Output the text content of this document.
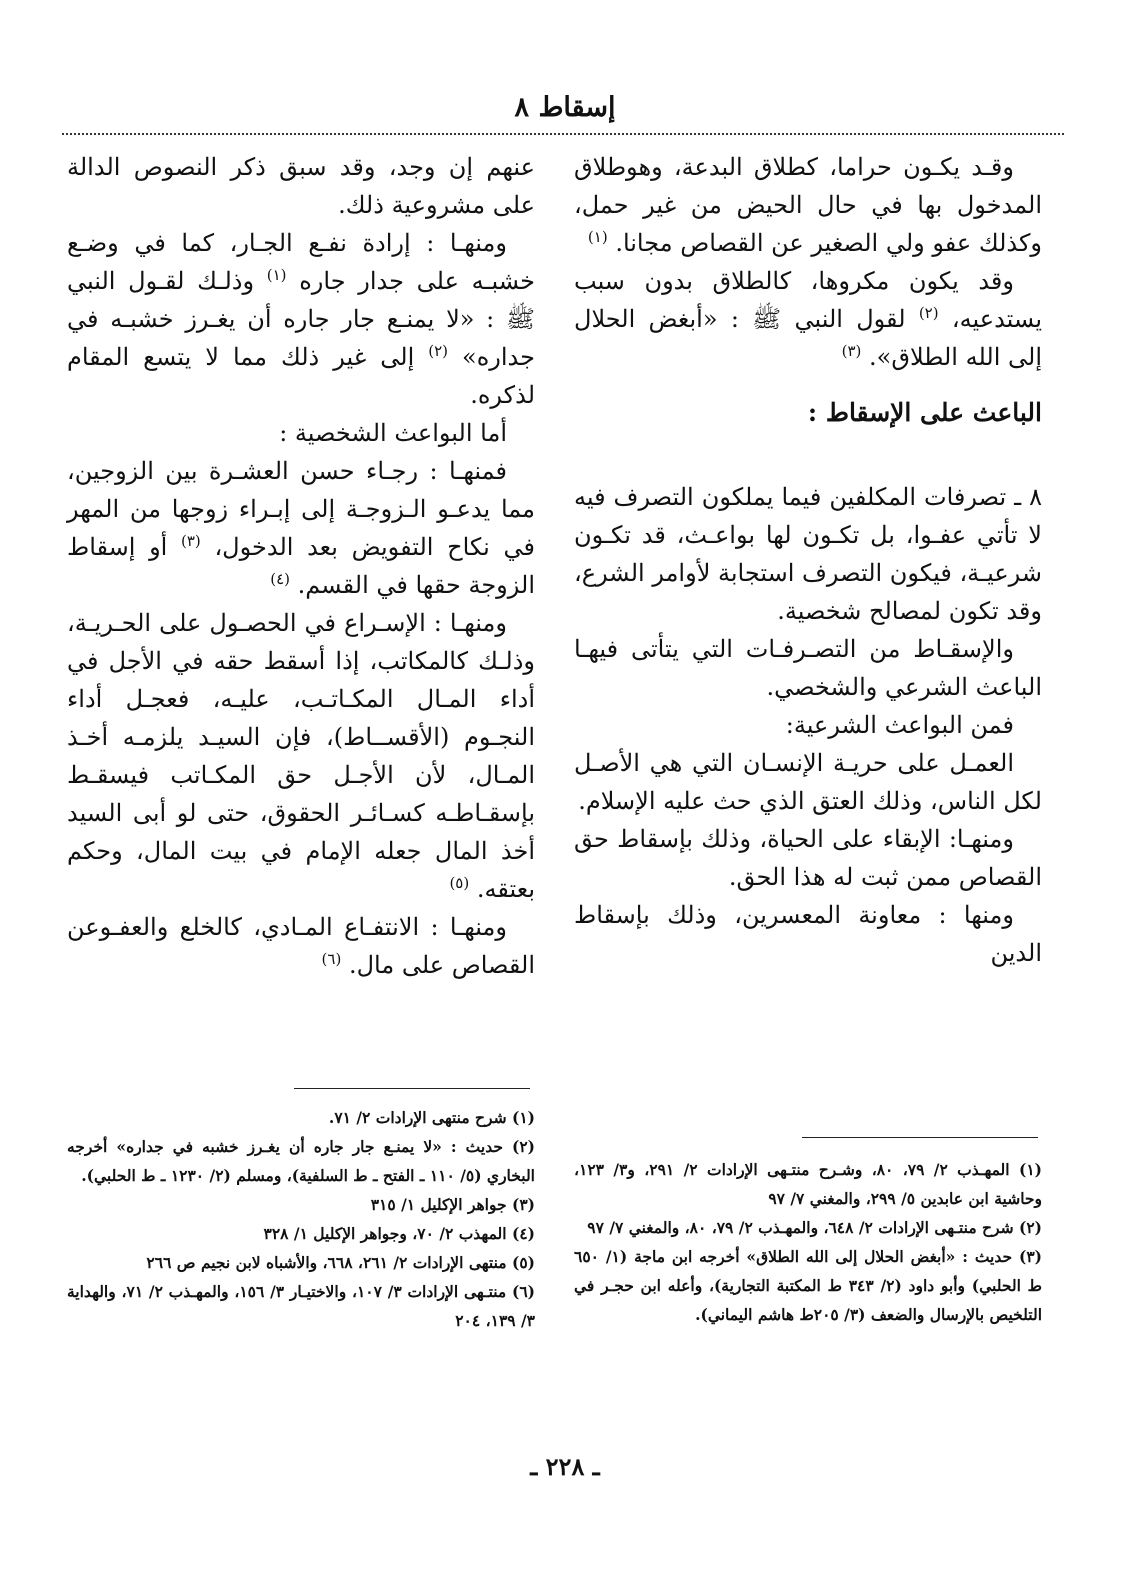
إسقاط ٨

وقـد يكـون حراما، كطلاق البدعة، وهوطلاق المدخول بها في حال الحيض من غير حمل، وكذلك عفو ولي الصغير عن القصاص مجانا. $^{(١)}$

وقد يكون مكروها، كالطلاق بدون سبب يستدعيه، $^{(٢)}$ لقول النبي ﷺ : «أبغض الحلال إلى الله الطلاق». $^{(٣)}$

الباعث على الإسقاط :

٨ ـ تصرفات المكلفين فيما يملكون التصرف فيه لا تأتي عفـوا، بل تكـون لها بواعـث، قد تكـون شرعيـة، فيكون التصرف استجابة لأوامر الشرع، وقد تكون لمصالح شخصية.

والإسقـاط من التصـرفـات التي يتأتى فيهـا الباعث الشرعي والشخصي.

فمن البواعث الشرعية:

العمـل على حريـة الإنسـان التي هي الأصـل لكل الناس، وذلك العتق الذي حث عليه الإسلام.

ومنهـا: الإبقاء على الحياة، وذلك بإسقاط حق القصاص ممن ثبت له هذا الحق.

ومنها : معاونة المعسرين، وذلك بإسقاط الدين

عنهم إن وجد، وقد سبق ذكر النصوص الدالة على مشروعية ذلك.

ومنهـا : إرادة نفـع الجـار، كما في وضـع خشبـه على جدار جاره $^{(١)}$ وذلـك لقـول النبي ﷺ : «لا يمنـع جار جاره أن يغـرز خشبـه في جداره» $^{(٢)}$ إلى غير ذلك مما لا يتسع المقام لذكره.

أما البواعث الشخصية :

فمنهـا : رجـاء حسن العشـرة بين الزوجين، مما يدعـو الـزوجـة إلى إبـراء زوجها من المهر في نكاح التفويض بعد الدخول، $^{(٣)}$ أو إسقاط الزوجة حقها في القسم. $^{(٤)}$

ومنهـا : الإسـراع في الحصـول على الحـريـة، وذلـك كالمكاتب، إذا أسقط حقه في الأجل في أداء المـال المكـاتـب، عليـه، فعجـل أداء النجـوم (الأقســاط)، فإن السيـد يلزمـه أخـذ المـال، لأن الأجـل حق المكـاتب فيسقـط بإسقـاطـه كسـائـر الحقوق، حتى لو أبى السيد أخذ المال جعله الإمام في بيت المال، وحكم بعتقه. $^{(٥)}$

ومنهـا : الانتفـاع المـادي، كالخلع والعفـوعن القصاص على مال. $^{(٦)}$

(١) المهـذب ٢/ ٧٩، ٨٠، وشـرح منتـهى الإرادات ٢/ ٢٩١، و٣/ ١٢٣، وحاشية ابن عابدين ٥/ ٢٩٩، والمغني ٧/ ٩٧

(٢) شرح منتـهى الإرادات ٢/ ٦٤٨، والمهـذب ٢/ ٧٩، ٨٠، والمغني ٧/ ٩٧

(٣) حديث : «أبغض الحلال إلى الله الطلاق» أخرجه ابن ماجة (١/ ٦٥٠ ط الحلبي) وأبو داود (٢/ ٣٤٣ ط المكتبة التجارية)، وأعله ابن حجـر في التلخيص بالإرسال والضعف (٣/ ٢٠٥ط هاشم اليماني).

(١) شرح منتهى الإرادات ٢/ ٧١.

(٢) حديث : «لا يمنـع جار جاره أن يغـرز خشبه في جداره» أخرجه البخاري (٥/ ١١٠ ـ الفتح ـ ط السلفية)، ومسلم (٢/ ١٢٣٠ ـ ط الحلبي).

(٣) جواهر الإكليل ١/ ٣١٥

(٤) المهذب ٢/ ٧٠، وجواهر الإكليل ١/ ٣٢٨

(٥) منتهى الإرادات ٢/ ٢٦١، ٦٦٨، والأشباه لابن نجيم ص ٢٦٦

(٦) منتـهى الإرادات ٣/ ١٠٧، والاختيـار ٣/ ١٥٦، والمهـذب ٢/ ٧١، والهداية ٣/ ١٣٩، ٢٠٤

ـ ٢٢٨ ـ
